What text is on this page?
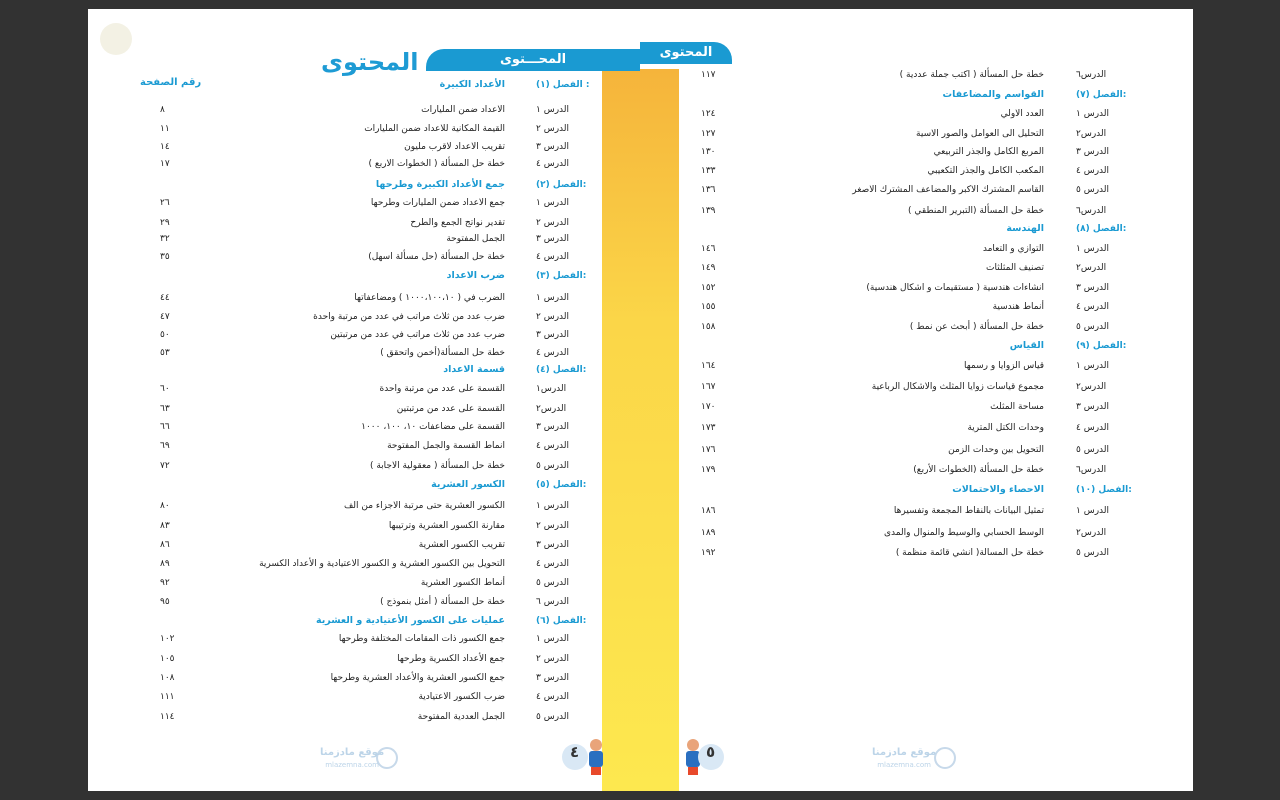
المحـــتوى
المحتوى
رقم الصفحة	الفصل (١) :
الأعداد الكبيرة
الدرس ١
الاعداد ضمن المليارات
٨
الدرس ٢
القيمة المكانية للاعداد ضمن المليارات
١١
الدرس ٣
تقريب الاعداد لاقرب مليون
١٤
الدرس ٤
خطة حل المسألة ( الخطوات الاربع )
١٧
الفصل (٢):
جمع الأعداد الكبيرة وطرحها
الدرس ١
جمع الاعداد ضمن المليارات وطرحها
٢٦
الدرس ٢
تقدير نواتج الجمع والطرح
٢٩
الدرس ٣
الجمل المفتوحة
٣٢
الدرس ٤
خطة حل المسألة (حل مسألة اسهل)
٣٥
الفصل (٣):
ضرب الاعداد
الدرس ١
الضرب في ( ١٠٠٠،١٠٠،١٠ ) ومضاعفاتها
٤٤
الدرس ٢
ضرب عدد من ثلاث مراتب في عدد من مرتبة واحدة
٤٧
الدرس ٣
ضرب عدد من ثلاث مراتب في عدد من مرتبتين
٥٠
الدرس ٤
خطة حل المسألة(أخمن واتحقق )
٥٣
الفصل (٤):
قسمة الاعداد
الدرس١
القسمة على عدد من مرتبة واحدة
٦٠
الدرس٢
القسمة على عدد من مرتبتين
٦٣
الدرس ٣
القسمة على مضاعفات ١٠، ١٠٠، ١٠٠٠
٦٦
الدرس ٤
انماط القسمة والجمل المفتوحة
٦٩
الدرس ٥
خطة حل المسألة ( معقولية الاجابة )
٧٢
الفصل (٥):
الكسور العشرية
الدرس ١
الكسور العشرية حتى مرتبة الاجزاء من الف
٨٠
الدرس ٢
مقارنة الكسور العشرية وترتيبها
٨٣
الدرس ٣
تقريب الكسور العشرية
٨٦
الدرس ٤
التحويل بين الكسور العشرية و الكسور الاعتيادية و الأعداد الكسرية
٨٩
الدرس ٥
أنماط الكسور العشرية
٩٢
الدرس ٦
خطة حل المسألة ( أمثل بنموذج )
٩٥
الفصل (٦):
عمليات على الكسور الأعتيادية و العشرية
الدرس ١
جمع الكسور ذات المقامات المختلفة وطرحها
١٠٢
الدرس ٢
جمع الأعداد الكسرية وطرحها
١٠٥
الدرس ٣
جمع الكسور العشرية والأعداد العشرية وطرحها
١٠٨
الدرس ٤
ضرب الكسور الاعتيادية
١١١
الدرس ٥
الجمل العددية المفتوحة
١١٤
موقع مادزمنا
mlazemna.com
٤
المحتوى
الدرس٦
خطة حل المسألة ( اكتب جملة عددية )
١١٧
الفصل (٧):
القواسم والمضاعفات
الدرس ١
العدد الاولي
١٢٤
الدرس٢
التحليل الى العوامل والصور الاسية
١٢٧
الدرس ٣
المربع الكامل والجذر التربيعي
١٣٠
الدرس ٤
المكعب الكامل والجذر التكعيبي
١٣٣
الدرس ٥
القاسم المشترك الاكبر والمضاعف المشترك الاصغر
١٣٦
الدرس٦
خطة حل المسألة (التبرير المنطقي )
١٣٩
الفصل (٨):
الهندسة
الدرس ١
التوازي و التعامد
١٤٦
الدرس٢
تصنيف المثلثات
١٤٩
الدرس ٣
انشاءات هندسية ( مستقيمات و اشكال هندسية)
١٥٢
الدرس ٤
أنماط هندسية
١٥٥
الدرس ٥
خطة حل المسألة ( أبحث عن نمط )
١٥٨
الفصل (٩):
القياس
الدرس ١
قياس الزوايا و رسمها
١٦٤
الدرس٢
مجموع قياسات زوايا المثلث والاشكال الرباعية
١٦٧
الدرس ٣
مساحة المثلث
١٧٠
الدرس ٤
وحدات الكتل المترية
١٧٣
الدرس ٥
التحويل بين وحدات الزمن
١٧٦
الدرس٦
خطة حل المسألة (الخطوات الأربع)
١٧٩
الفصل (١٠):
الاحصاء والاحتمالات
الدرس ١
تمثيل البيانات بالنقاط المجمعة وتفسيرها
١٨٦
الدرس٢
الوسط الحسابي والوسيط والمنوال والمدى
١٨٩
الدرس ٥
خطة حل المسالة( انشي قائمة منظمة )
١٩٢
٥	موقع مادزمنا
mlazemna.com
